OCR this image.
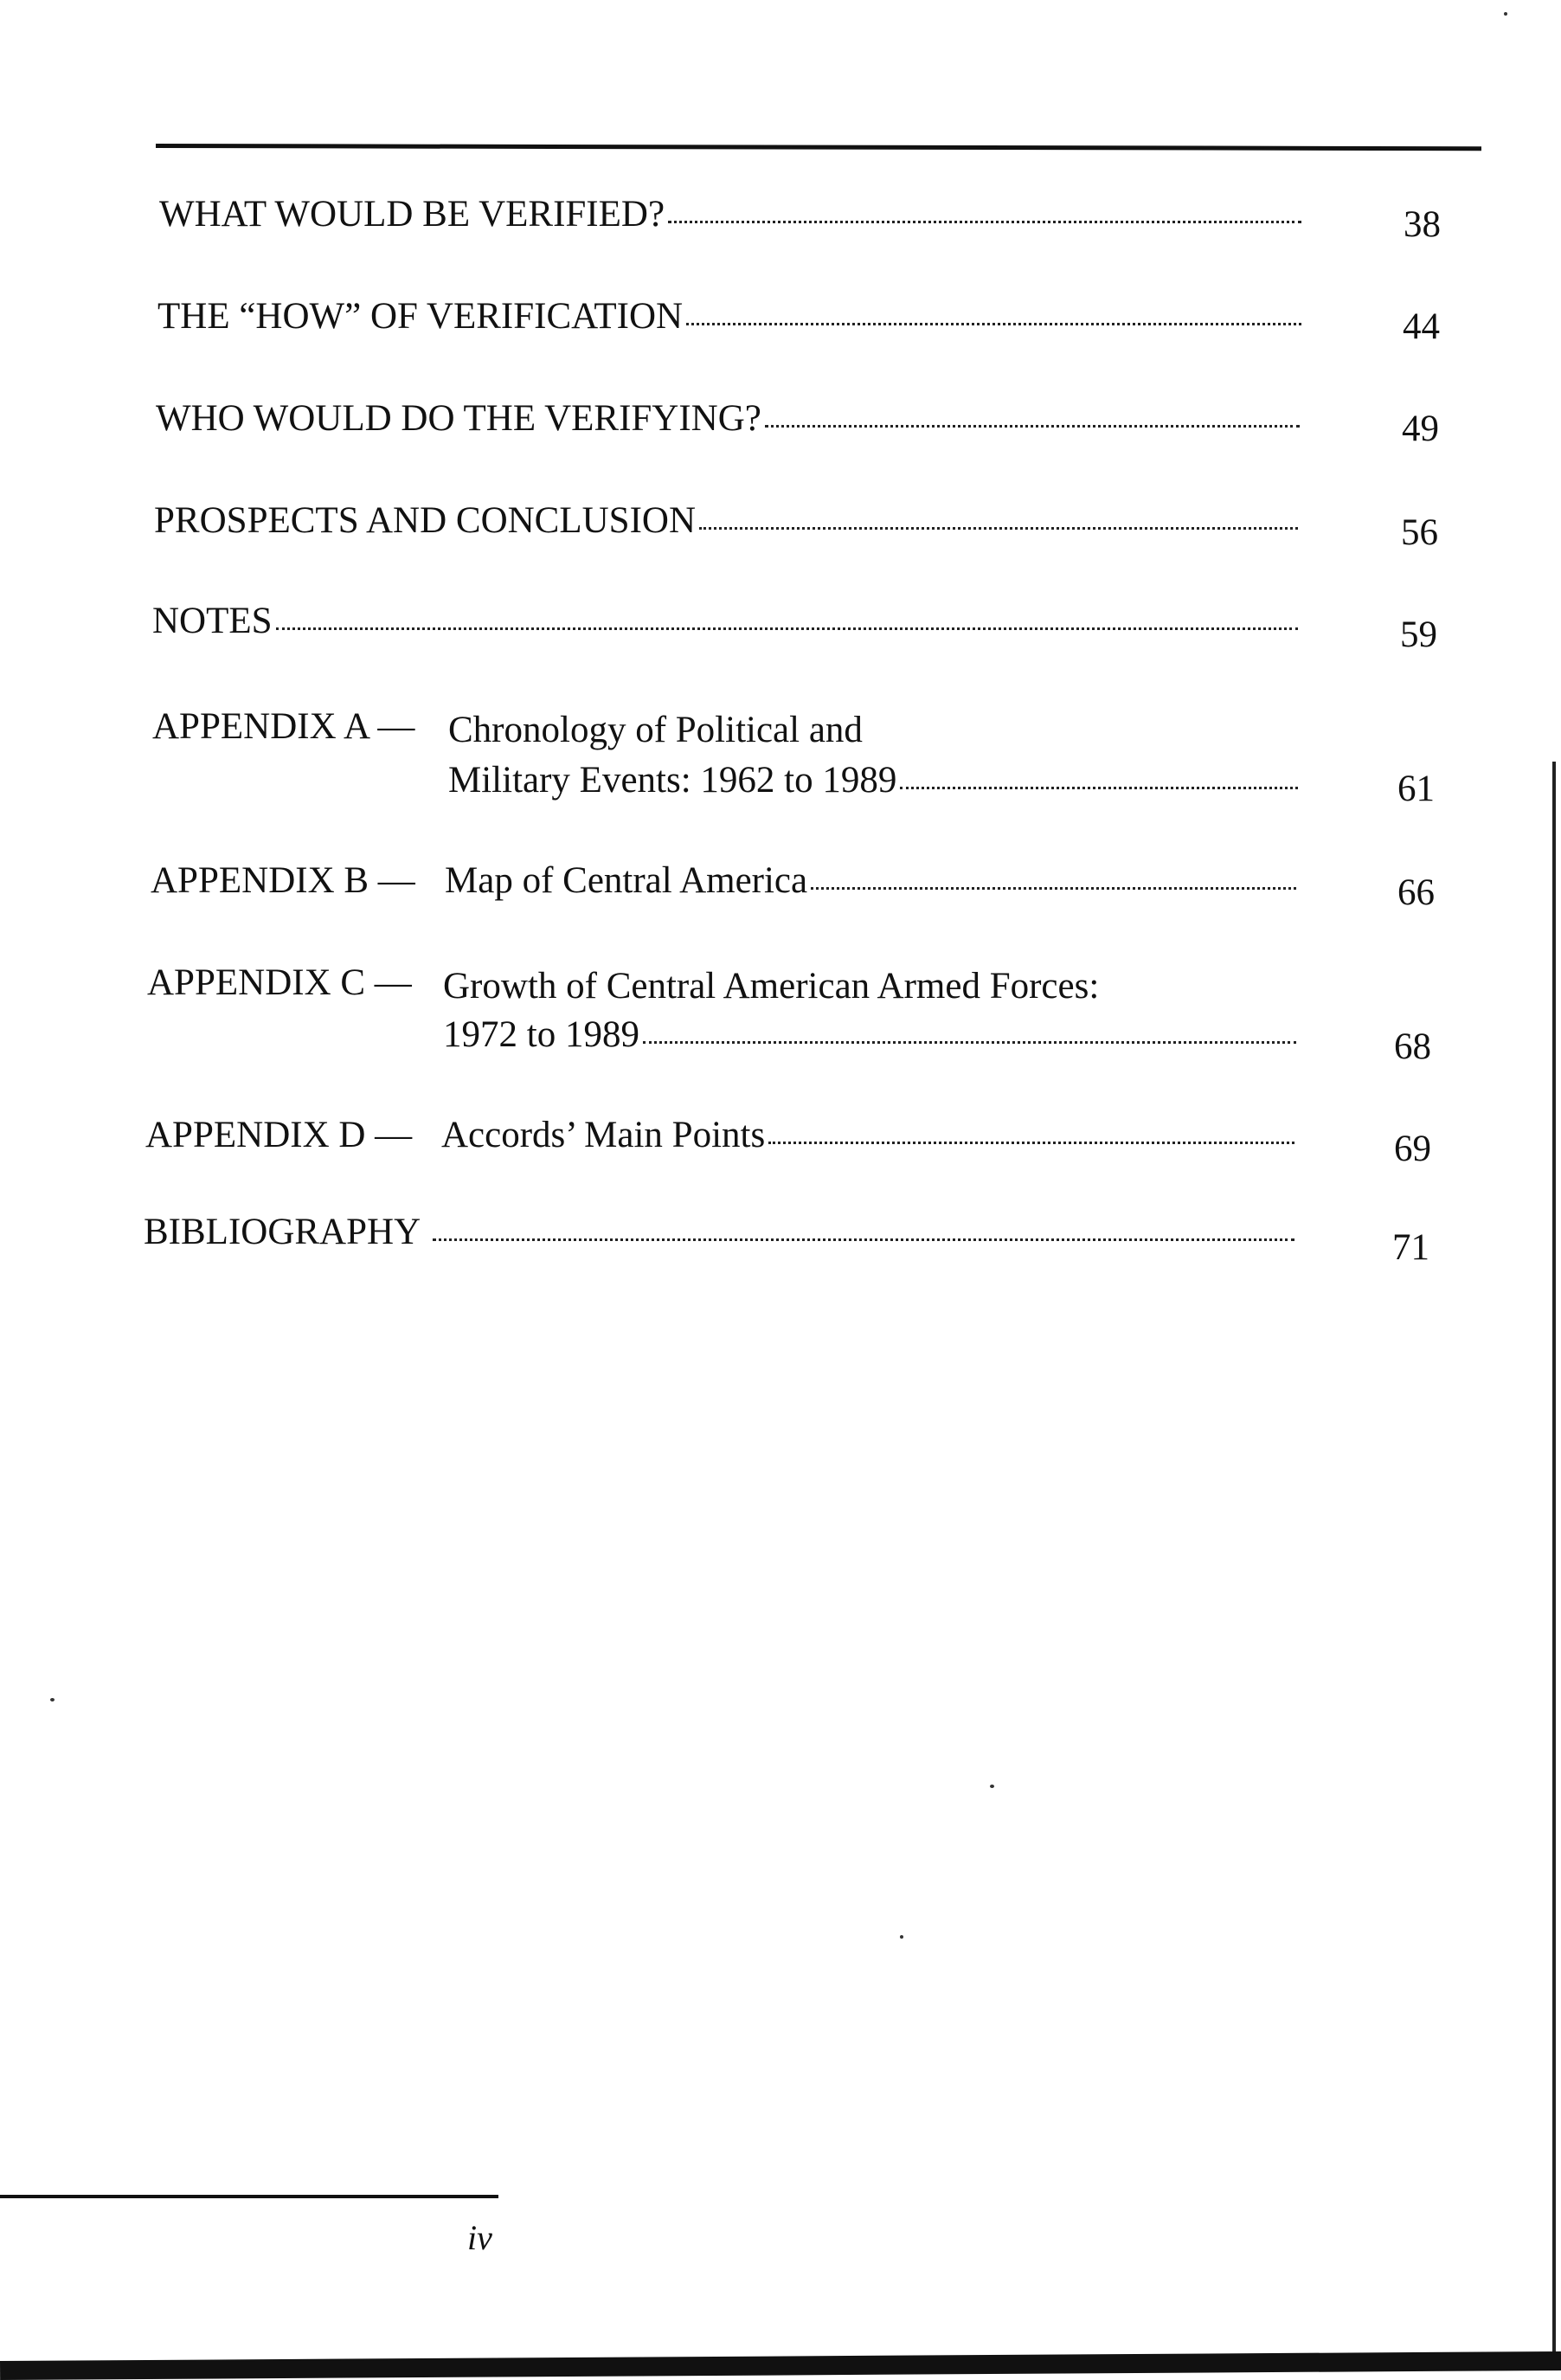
WHAT WOULD BE VERIFIED?	38
THE “HOW” OF VERIFICATION	44
WHO WOULD DO THE VERIFYING?	49
PROSPECTS AND CONCLUSION	56
NOTES	59
APPENDIX A — Chronology of Political and
Military Events: 1962 to 1989	61
APPENDIX B — Map of Central America	66
APPENDIX C — Growth of Central American Armed Forces:
1972 to 1989	68
APPENDIX D — Accords’ Main Points	69
BIBLIOGRAPHY	71
iv
